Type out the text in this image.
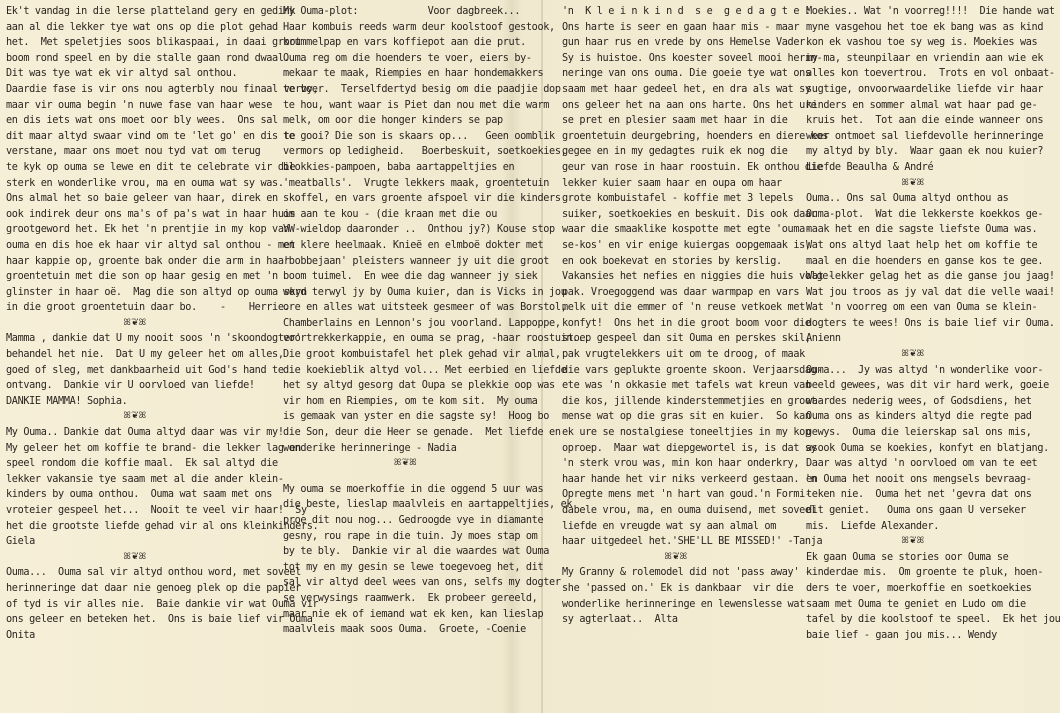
Ek't vandag in die lerse platteland gery en gedink
aan al die lekker tye wat ons op die plot gehad
het.  Met speletjies soos blikaspaai, in daai groot
boom rond speel en by die stalle gaan rond dwaal.
Dit was tye wat ek vir altyd sal onthou.
Daardie fase is vir ons nou agterbly nou finaal verby,
maar vir ouma begin 'n nuwe fase van haar wese
en dis iets wat ons moet oor bly wees.  Ons sal
dit maar altyd swaar vind om te 'let go' en dis te
verstane, maar ons moet nou tyd vat om terug
te kyk op ouma se lewe en dit te celebrate vir die
sterk en wonderlike vrou, ma en ouma wat sy was.
Ons almal het so baie geleer van haar, direk en
ook indirek deur ons ma's of pa's wat in haar huis
grootgeword het. Ek het 'n prentjie in my kop van
ouma en dis hoe ek haar vir altyd sal onthou - met
haar kappie op, groente bak onder die arm in haar
groentetuin met die son op haar gesig en met 'n
glinster in haar oë.  Mag die son altyd op ouma skyn
in die groot groentetuin daar bo.    -    Herrie.
ꕤ❦ꕤ
Mamma , dankie dat U my nooit soos 'n 'skoondogter'
behandel het nie.  Dat U my geleer het om alles,
goed of sleg, met dankbaarheid uit God's hand te
ontvang.  Dankie vir U oorvloed van liefde!
DANKIE MAMMA! Sophia.
ꕤ❦ꕤ
My Ouma.. Dankie dat Ouma altyd daar was vir my!
My geleer het om koffie te brand- die lekker lag en
speel rondom die koffie maal.  Ek sal altyd die
lekker vakansie tye saam met al die ander klein-
kinders by ouma onthou.  Ouma wat saam met ons
vroteier gespeel het...  Nooit te veel vir haar!  Sy
het die grootste liefde gehad vir al ons kleinkinders.
Giela
ꕤ❦ꕤ
Ouma...  Ouma sal vir altyd onthou word, met soveel
herinneringe dat daar nie genoeg plek op die papier
of tyd is vir alles nie.  Baie dankie vir wat Ouma vir
ons geleer en beteken het.  Ons is baie lief vir Ouma
Onita
My Ouma-plot:            Voor dagbreek...
Haar kombuis reeds warm deur koolstoof gestook,
krummelpap en vars koffiepot aan die prut.
Ouma reg om die hoenders te voer, eiers by-
mekaar te maak, Riempies en haar hondemakkers
te voer.  Terselfdertyd besig om die paadjie dop
te hou, want waar is Piet dan nou met die warm
melk, om oor die honger kinders se pap
te gooi? Die son is skaars op...   Geen oomblik
vermors op ledigheid.   Boerbeskuit, soetkoekies,
blokkies-pampoen, baba aartappeltjies en
'meatballs'.  Vrugte lekkers maak, groentetuin
skoffel, en vars groente afspoel vir die kinders
om aan te kou - (die kraan met die ou
VW-wieldop daaronder ..  Onthou jy?) Kouse stop
en klere heelmaak. Knieë en elmboë dokter met
'bobbejaan' pleisters wanneer jy uit die groot
boom tuimel.  En wee die dag wanneer jy siek
word terwyl jy by Ouma kuier, dan is Vicks in jou
ore en alles wat uitsteek gesmeer of was Borstol,
Chamberlains en Lennon's jou voorland. Lappoppe,
voortrekkerkappie, en ouma se prag, -haar roostuin...
Die groot kombuistafel het plek gehad vir almal,
die koekieblik altyd vol... Met eerbied en liefde
het sy altyd gesorg dat Oupa se plekkie oop was
vir hom en Riempies, om te kom sit.  My ouma
is gemaak van yster en die sagste sy!  Hoog bo
die Son, deur die Heer se genade.  Met liefde en
wonderike herinneringe - Nadia
ꕤ❦ꕤ
My ouma se moerkoffie in die oggend 5 uur was
die beste, lieslap maalvleis en aartappeltjies, ek
proe dit nou nog... Gedroogde vye in diamante
gesny, rou rape in die tuin. Jy moes stap om
by te bly.  Dankie vir al die waardes wat Ouma
tot my en my gesin se lewe toegevoeg het, dit
sal vir altyd deel wees van ons, selfs my dogter
se verwysings raamwerk.  Ek probeer gereeld,
maar nie ek of iemand wat ek ken, kan lieslap
maalvleis maak soos Ouma.  Groete, -Coenie
'n  K l e i n k i n d  s e  g e d a g t e :
Ons harte is seer en gaan haar mis - maar
gun haar rus en vrede by ons Hemelse Vader.
Sy is huistoe. Ons koester soveel mooi herin-
neringe van ons ouma. Die goeie tye wat ons
saam met haar gedeel het, en dra als wat sy
ons geleer het na aan ons harte. Ons het ure
se pret en plesier saam met haar in die
groentetuin deurgebring, hoenders en diere kos
gegee en in my gedagtes ruik ek nog die
geur van rose in haar roostuin. Ek onthou die
lekker kuier saam haar en oupa om haar
grote kombuistafel - koffie met 3 lepels
suiker, soetkoekies en beskuit. Dis ook daar
waar die smaaklike kospotte met egte 'ouma-
se-kos' en vir enige kuiergas oopgemaak is,
en ook boekevat en stories by kerslig.
Vakansies het nefies en niggies die huis volge-
pak. Vroegoggend was daar warmpap en vars
melk uit die emmer of 'n reuse vetkoek met
konfyt!  Ons het in die groot boom voor die
stoep gespeel dan sit Ouma en perskes skil,
pak vrugtelekkers uit om te droog, of maak
die vars geplukte groente skoon. Verjaarsdag-
ete was 'n okkasie met tafels wat kreun van
die kos, jillende kinderstemmetjies en groot-
mense wat op die gras sit en kuier.  So kan
ek ure se nostalgiese toneeltjies in my kop
oproep.  Maar wat diepgewortel is, is dat sy
'n sterk vrou was, min kon haar onderkry,
haar hande het vir niks verkeerd gestaan. 'n
Opregte mens met 'n hart van goud.'n Formi-
dabele vrou, ma, en ouma duisend, met soveel
liefde en vreugde wat sy aan almal om
haar uitgedeel het.'SHE'LL BE MISSED!' -Tanja
ꕤ❦ꕤ
My Granny & rolemodel did not 'pass away' -
she 'passed on.' Ek is dankbaar  vir die
wonderlike herinneringe en lewenslesse wat
sy agterlaat..  Alta
Moekies.. Wat 'n voorreg!!!!  Die hande wat
myne vasgehou het toe ek bang was as kind
kon ek vashou toe sy weg is. Moekies was
my ma, steunpilaar en vriendin aan wie ek
alles kon toevertrou.  Trots en vol onbaat-
sugtige, onvoorwaardelike liefde vir haar
kinders en sommer almal wat haar pad ge-
kruis het.  Tot aan die einde wanneer ons
weer ontmoet sal liefdevolle herinneringe
my altyd by bly.  Waar gaan ek nou kuier?
Liefde Beaulha & André
ꕤ❦ꕤ
Ouma.. Ons sal Ouma altyd onthou as
Ouma-plot.  Wat die lekkerste koekkos ge-
maak het en die sagste liefste Ouma was.
Wat ons altyd laat help het om koffie te
maal en die hoenders en ganse kos te gee.
Wat lekker gelag het as die ganse jou jaag!
Wat jou troos as jy val dat die velle waai!
Wat 'n voorreg om een van Ouma se klein-
dogters te wees! Ons is baie lief vir Ouma.
Anienn
ꕤ❦ꕤ
Ouma...  Jy was altyd 'n wonderlike voor-
beeld gewees, was dit vir hard werk, goeie
waardes nederig wees, of Godsdiens, het
Ouma ons as kinders altyd die regte pad
gewys.  Ouma die leierskap sal ons mis,
asook Ouma se koekies, konfyt en blatjang.
Daar was altyd 'n oorvloed om van te eet
en Ouma het nooit ons mengsels bevraag-
teken nie.  Ouma het net 'gevra dat ons
dit geniet.   Ouma ons gaan U verseker
mis.  Liefde Alexander.
ꕤ❦ꕤ
Ek gaan Ouma se stories oor Ouma se
kinderdae mis.  Om groente te pluk, hoen-
ders te voer, moerkoffie en soetkoekies
saam met Ouma te geniet en Ludo om die
tafel by die koolstoof te speel.  Ek het jou
baie lief - gaan jou mis... Wendy
